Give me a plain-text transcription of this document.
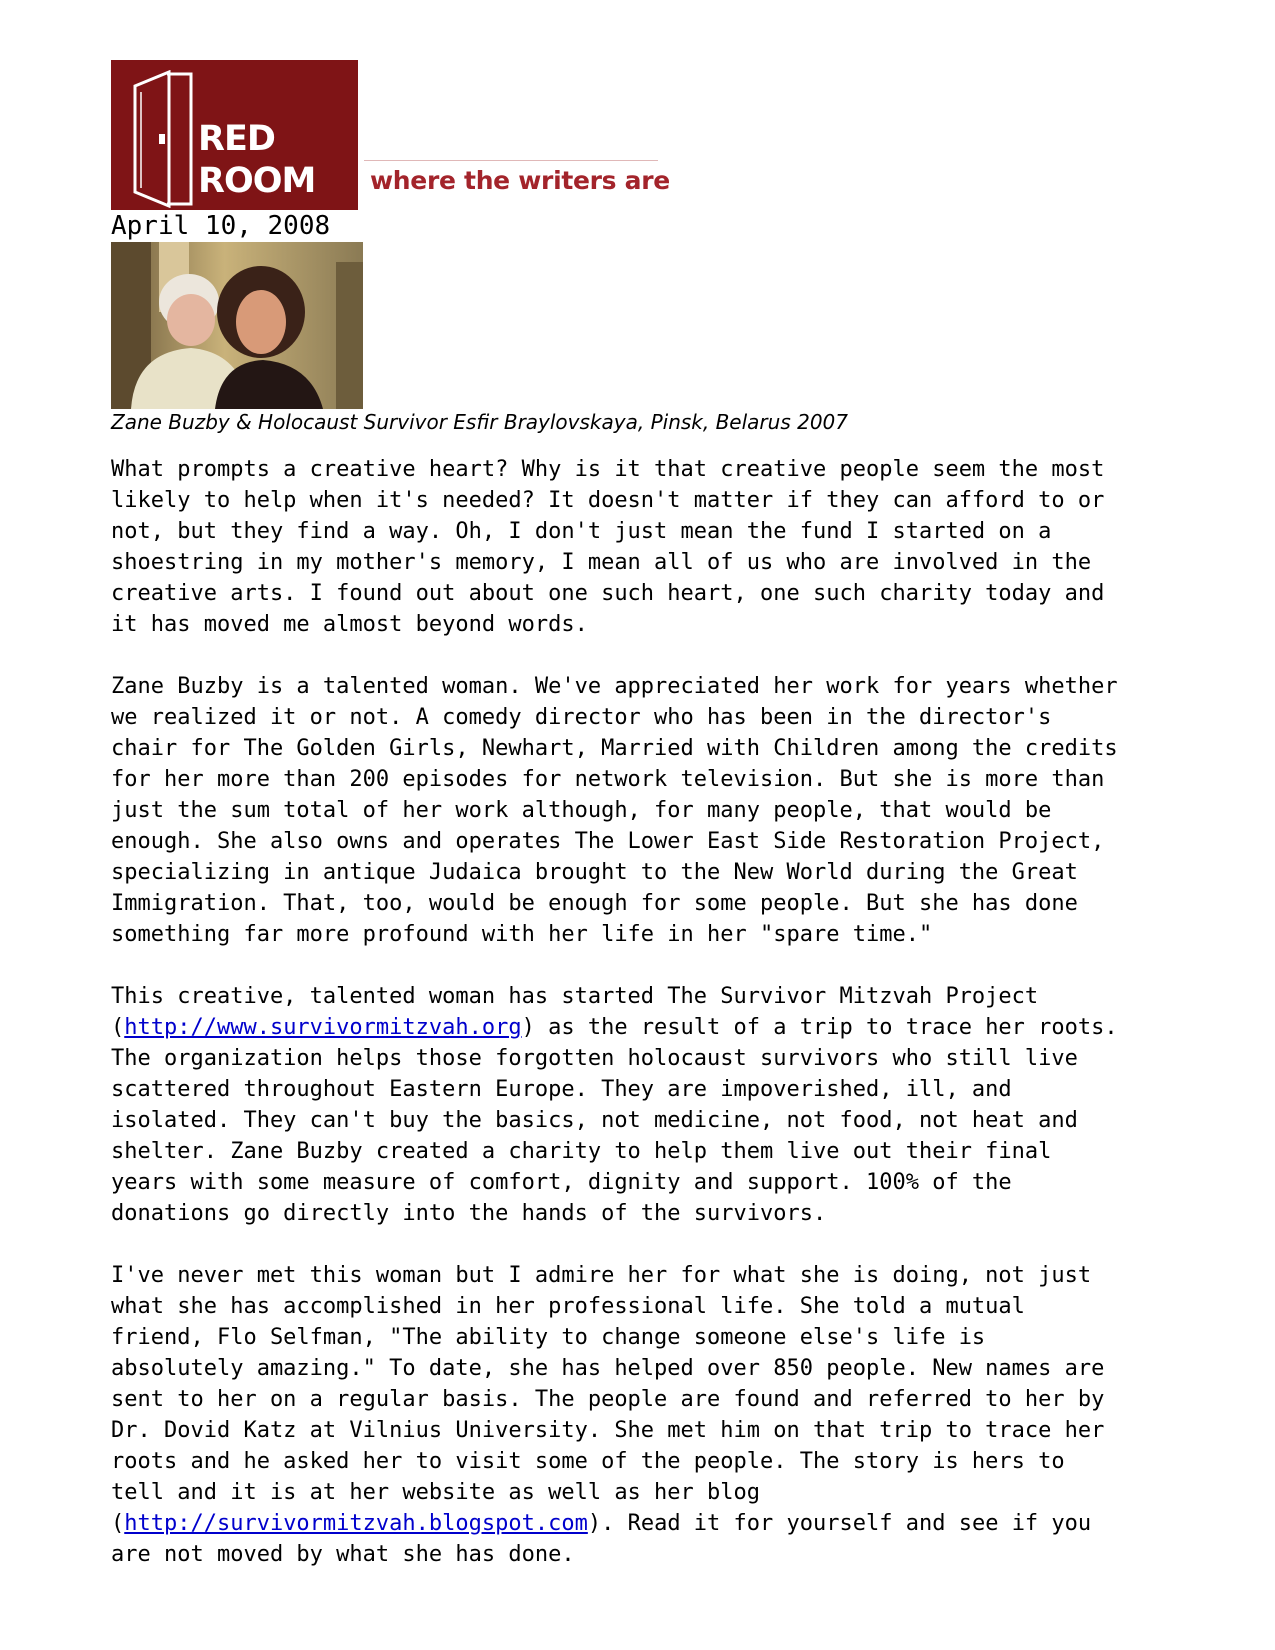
RED
ROOM where the writers are
April 10, 2008
Zane Buzby & Holocaust Survivor Esfir Braylovskaya, Pinsk, Belarus 2007

What prompts a creative heart? Why is it that creative people seem the most
likely to help when it's needed? It doesn't matter if they can afford to or
not, but they find a way. Oh, I don't just mean the fund I started on a
shoestring in my mother's memory, I mean all of us who are involved in the
creative arts. I found out about one such heart, one such charity today and
it has moved me almost beyond words.

Zane Buzby is a talented woman. We've appreciated her work for years whether
we realized it or not. A comedy director who has been in the director's
chair for The Golden Girls, Newhart, Married with Children among the credits
for her more than 200 episodes for network television. But she is more than
just the sum total of her work although, for many people, that would be
enough. She also owns and operates The Lower East Side Restoration Project,
specializing in antique Judaica brought to the New World during the Great
Immigration. That, too, would be enough for some people. But she has done
something far more profound with her life in her "spare time."

This creative, talented woman has started The Survivor Mitzvah Project
(http://www.survivormitzvah.org) as the result of a trip to trace her roots.
The organization helps those forgotten holocaust survivors who still live
scattered throughout Eastern Europe. They are impoverished, ill, and
isolated. They can't buy the basics, not medicine, not food, not heat and
shelter. Zane Buzby created a charity to help them live out their final
years with some measure of comfort, dignity and support. 100% of the
donations go directly into the hands of the survivors.

I've never met this woman but I admire her for what she is doing, not just
what she has accomplished in her professional life. She told a mutual
friend, Flo Selfman, "The ability to change someone else's life is
absolutely amazing." To date, she has helped over 850 people. New names are
sent to her on a regular basis. The people are found and referred to her by
Dr. Dovid Katz at Vilnius University. She met him on that trip to trace her
roots and he asked her to visit some of the people. The story is hers to
tell and it is at her website as well as her blog
(http://survivormitzvah.blogspot.com). Read it for yourself and see if you
are not moved by what she has done.
